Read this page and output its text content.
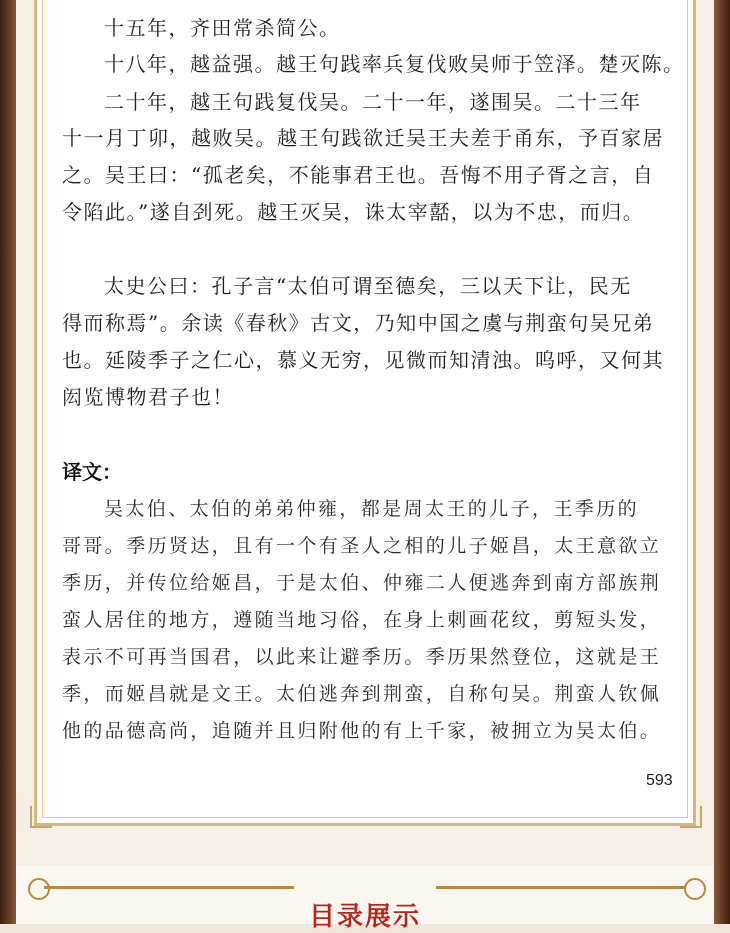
十五年，齐田常杀简公。
十八年，越益强。越王句践率兵复伐败吴师于笠泽。楚灭陈。
二十年，越王句践复伐吴。二十一年，遂围吴。二十三年
十一月丁卯，越败吴。越王句践欲迁吴王夫差于甬东，予百家居
之。吴王曰：“孤老矣，不能事君王也。吾悔不用子胥之言，自
令陷此。”遂自刭死。越王灭吴，诛太宰嚭，以为不忠，而归。
太史公曰：孔子言“太伯可谓至德矣，三以天下让，民无
得而称焉”。余读《春秋》古文，乃知中国之虞与荆蛮句吴兄弟
也。延陵季子之仁心，慕义无穷，见微而知清浊。呜呼，又何其
闳览博物君子也！
译文：
吴太伯、太伯的弟弟仲雍，都是周太王的儿子，王季历的
哥哥。季历贤达，且有一个有圣人之相的儿子姬昌，太王意欲立
季历，并传位给姬昌，于是太伯、仲雍二人便逃奔到南方部族荆
蛮人居住的地方，遵随当地习俗，在身上刺画花纹，剪短头发，
表示不可再当国君，以此来让避季历。季历果然登位，这就是王
季，而姬昌就是文王。太伯逃奔到荆蛮，自称句吴。荆蛮人钦佩
他的品德高尚，追随并且归附他的有上千家，被拥立为吴太伯。
593
目录展示
